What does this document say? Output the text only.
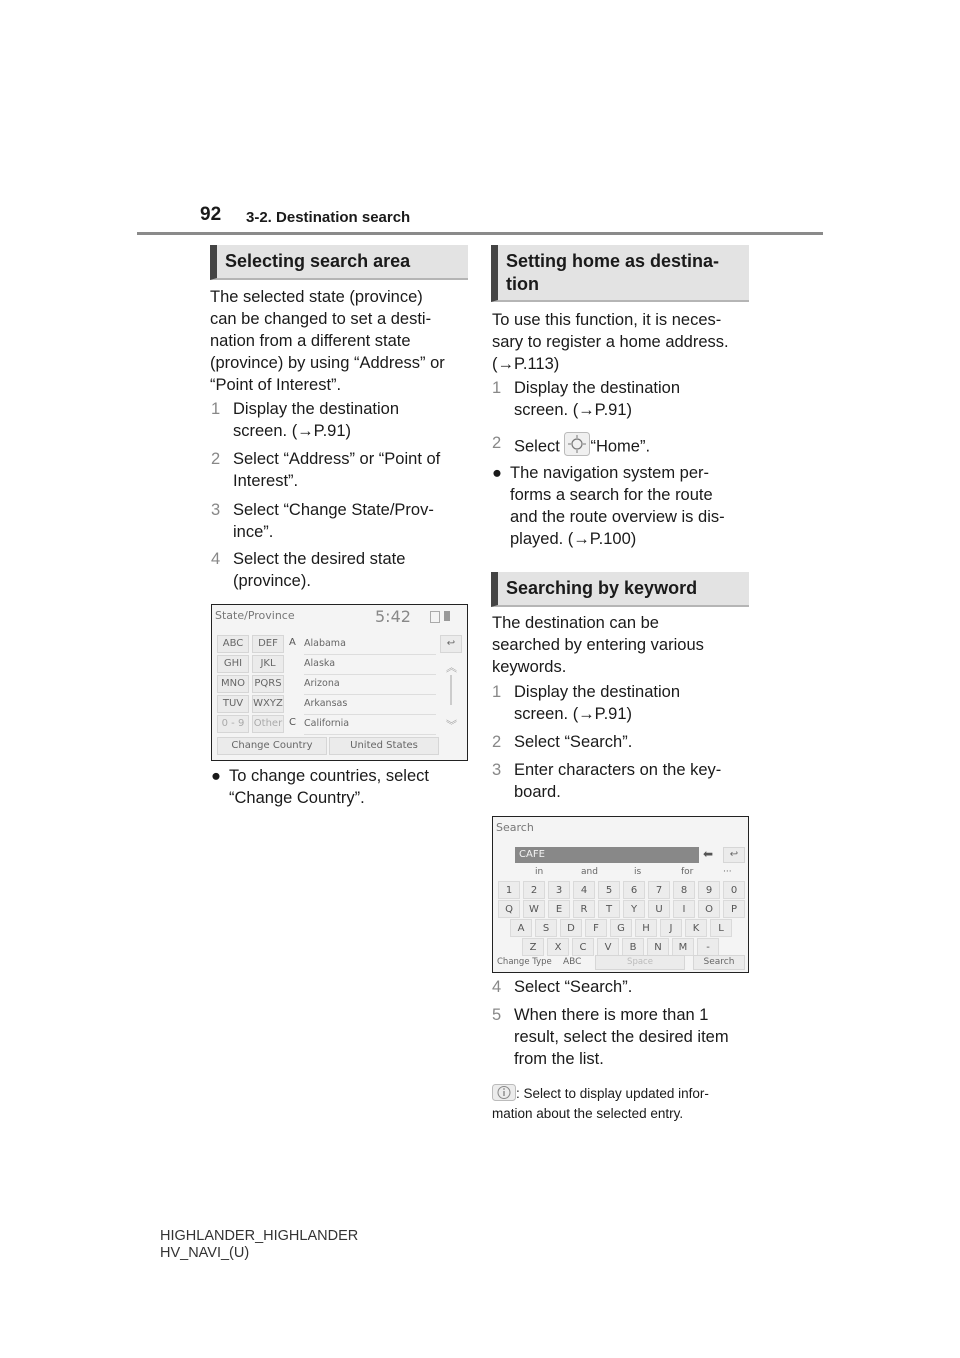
92 3-2. Destination search
Selecting search area
The selected state (province)
can be changed to set a desti-
nation from a different state
(province) by using “Address” or
“Point of Interest”.
1 Display the destination
screen. (→P.91)
2 Select “Address” or “Point of
Interest”.
3 Select “Change State/Prov-
ince”.
4 Select the desired state
(province).
State/Province	5:42
ABC	DEF
GHI	JKL
MNO PQRS
TUV	WXYZ
0 - 9 Other
A
C
Alabama
Alaska
Arizona
Arkansas
California
↩
︽
︾
Change Country	United States
● To change countries, select
“Change Country”.
Setting home as destina-
tion
To use this function, it is neces-
sary to register a home address.
(→P.113)
1 Display the destination
screen. (→P.91)
2 Select “Home”.
● The navigation system per-
forms a search for the route
and the route overview is dis-
played. (→P.100)
Searching by keyword
The destination can be
searched by entering various
keywords.
1 Display the destination
screen. (→P.91)
2 Select “Search”.
3 Enter characters on the key-
board.
Search
CAFE	⬅	↩
in	and	is	for	···
1	2	3	4	5	6	7	8	9	0
Q	W	E	R	T	Y	U	I	O	P
A	S	D	F	G	H	J	K	L
Z	X	C	V	B	N	M	-
Change Type ABC	Space	Search
4 Select “Search”.
5 When there is more than 1
result, select the desired item
from the list.
: Select to display updated infor-
mation about the selected entry.
HIGHLANDER_HIGHLANDER
HV_NAVI_(U)
